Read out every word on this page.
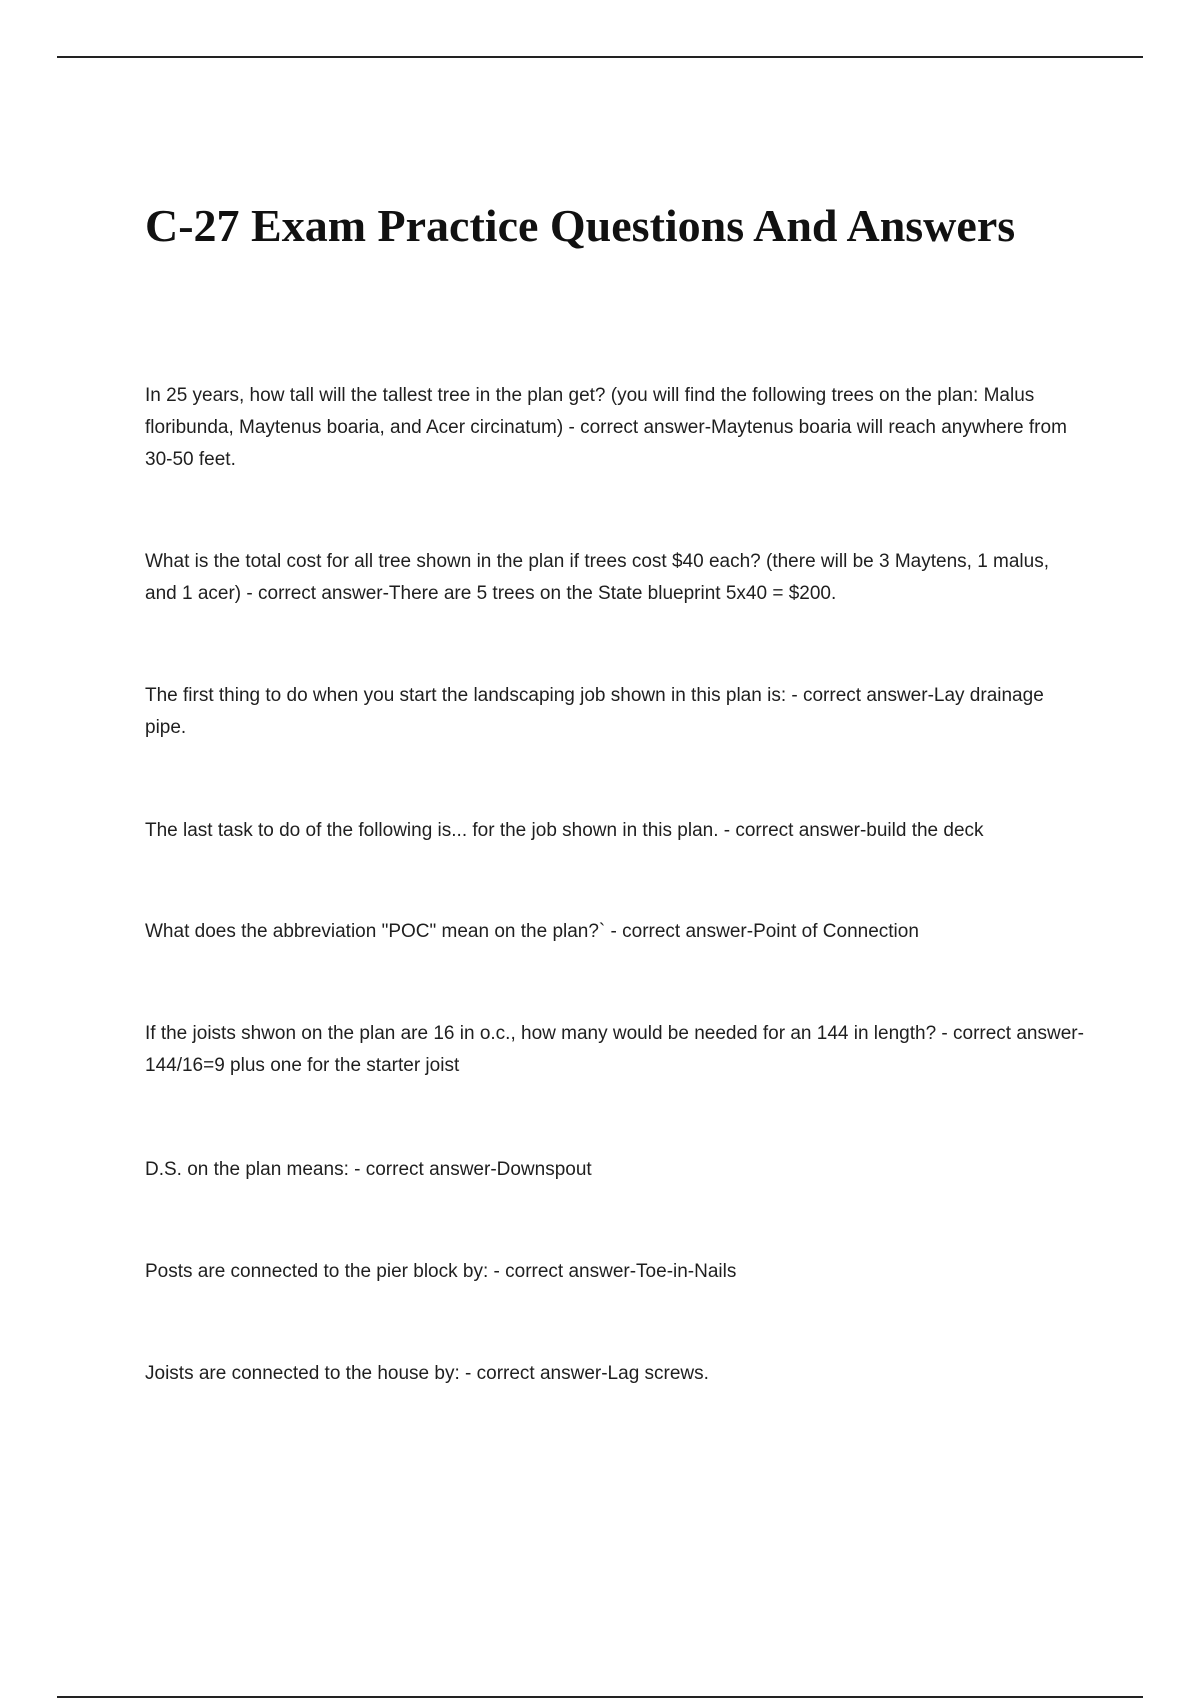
C-27 Exam Practice Questions And Answers

In 25 years, how tall will the tallest tree in the plan get? (you will find the following trees on the plan: Malus floribunda, Maytenus boaria, and Acer circinatum) - correct answer-Maytenus boaria will reach anywhere from 30-50 feet.

What is the total cost for all tree shown in the plan if trees cost $40 each? (there will be 3 Maytens, 1 malus, and 1 acer) - correct answer-There are 5 trees on the State blueprint 5x40 = $200.

The first thing to do when you start the landscaping job shown in this plan is: - correct answer-Lay drainage pipe.

The last task to do of the following is... for the job shown in this plan. - correct answer-build the deck

What does the abbreviation "POC" mean on the plan?` - correct answer-Point of Connection

If the joists shwon on the plan are 16 in o.c., how many would be needed for an 144 in length? - correct answer-144/16=9 plus one for the starter joist

D.S. on the plan means: - correct answer-Downspout

Posts are connected to the pier block by: - correct answer-Toe-in-Nails

Joists are connected to the house by: - correct answer-Lag screws.
